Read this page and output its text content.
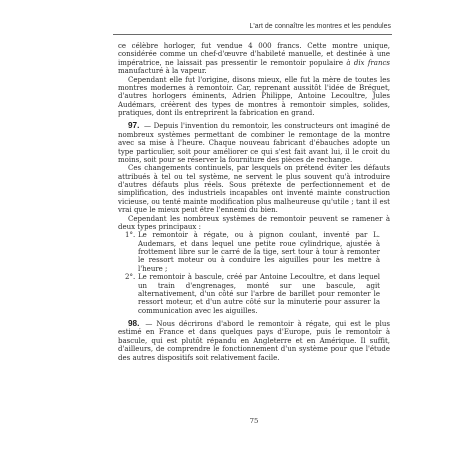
L'art de connaître les montres et les pendules

ce célèbre horloger, fut vendue 4 000 francs. Cette montre unique, considérée comme un chef-d'œuvre d'habileté manuelle, et destinée à une impératrice, ne laissait pas pressentir le remontoir populaire à dix francs manufacturé à la vapeur.

Cependant elle fut l'origine, disons mieux, elle fut la mère de toutes les montres modernes à remontoir. Car, reprenant aussitôt l'idée de Bréguet, d'autres horlogers éminents, Adrien Philippe, Antoine Lecoultre, Jules Audémars, créèrent des types de montres à remontoir simples, solides, pratiques, dont ils entreprirent la fabrication en grand.

97. — Depuis l'invention du remontoir, les constructeurs ont imaginé de nombreux systèmes permettant de combiner le remontage de la montre avec sa mise à l'heure. Chaque nouveau fabricant d'ébauches adopte un type particulier, soit pour améliorer ce qui s'est fait avant lui, il le croit du moins, soit pour se réserver la fourniture des pièces de rechange.

Ces changements continuels, par lesquels on prétend éviter les défauts attribués à tel ou tel système, ne servent le plus souvent qu'à introduire d'autres défauts plus réels. Sous prétexte de perfectionnement et de simplification, des industriels incapables ont inventé mainte construction vicieuse, ou tenté mainte modification plus malheureuse qu'utile ; tant il est vrai que le mieux peut être l'ennemi du bien.

Cependant les nombreux systèmes de remontoir peuvent se ramener à deux types principaux :

1°. Le remontoir à régate, ou à pignon coulant, inventé par L. Audemars, et dans lequel une petite roue cylindrique, ajustée à frottement libre sur le carré de la tige, sert tour à tour à remonter le ressort moteur ou à conduire les aiguilles pour les mettre à l'heure ;
2°. Le remontoir à bascule, créé par Antoine Lecoultre, et dans lequel un train d'engrenages, monté sur une bascule, agit alternativement, d'un côté sur l'arbre de barillet pour remonter le ressort moteur, et d'un autre côté sur la minuterie pour assurer la communication avec les aiguilles.

98. — Nous décrirons d'abord le remontoir à régate, qui est le plus estimé en France et dans quelques pays d'Europe, puis le remontoir à bascule, qui est plutôt répandu en Angleterre et en Amérique. Il suffit, d'ailleurs, de comprendre le fonctionnement d'un système pour que l'étude des autres dispositifs soit relativement facile.

75
